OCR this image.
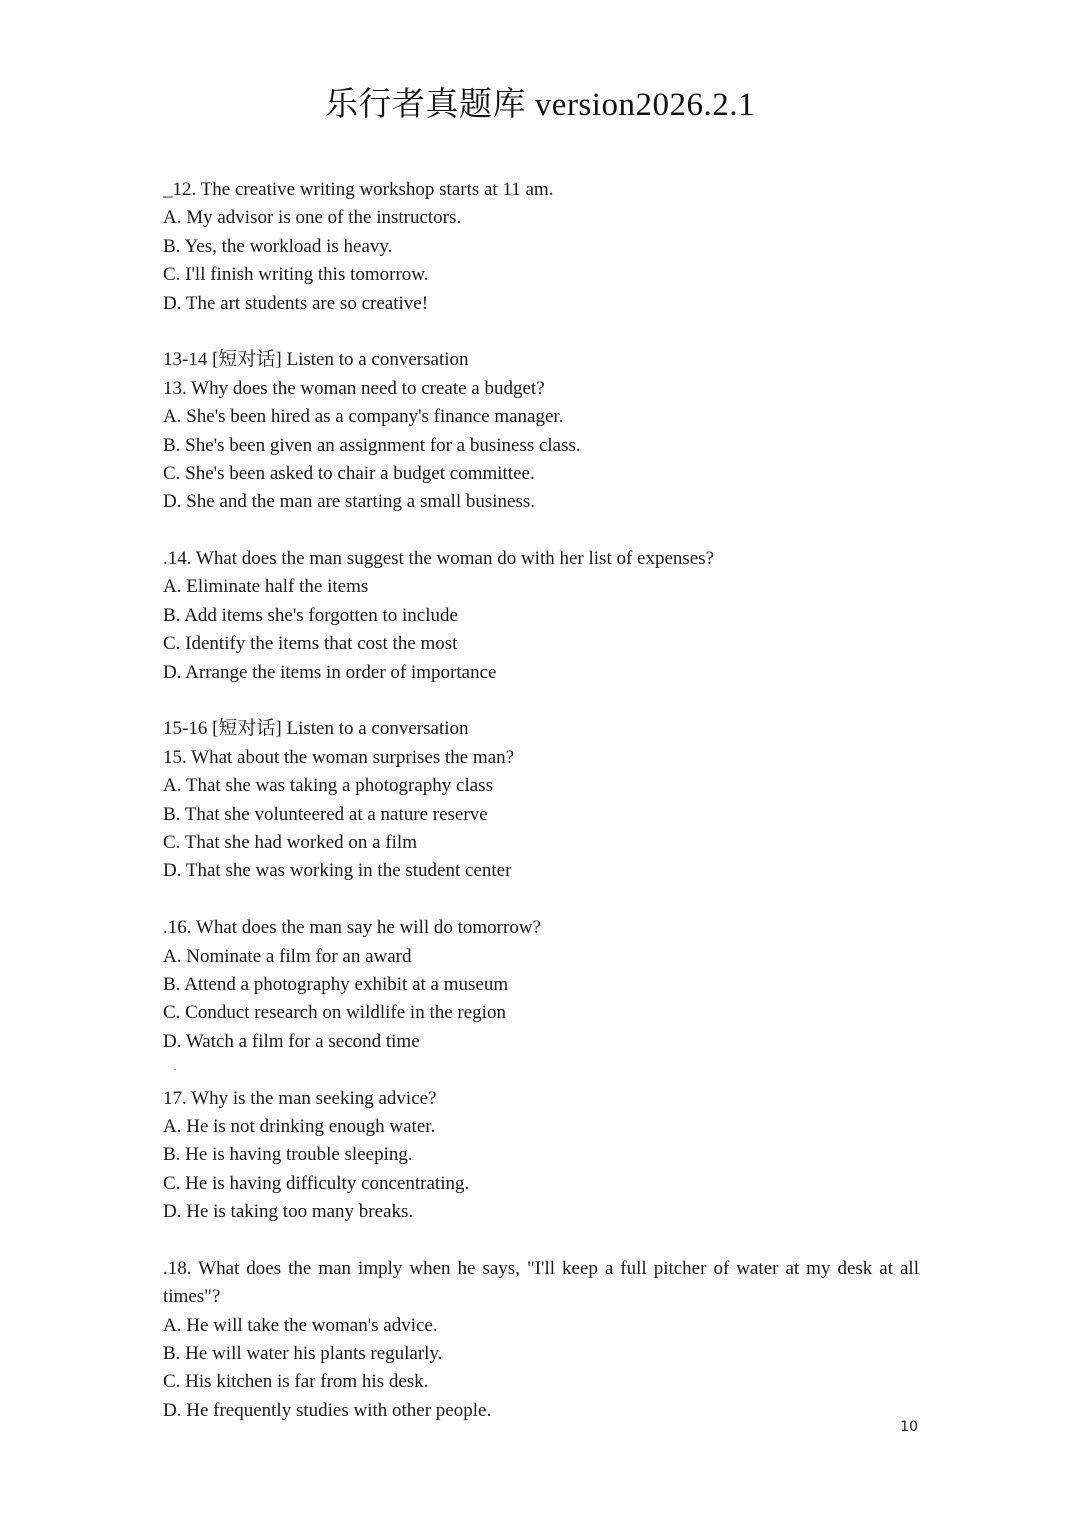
乐行者真题库 version2026.2.1
_12. The creative writing workshop starts at 11 am.
A. My advisor is one of the instructors.
B. Yes, the workload is heavy.
C. I'll finish writing this tomorrow.
D. The art students are so creative!
13-14 [短对话] Listen to a conversation
13. Why does the woman need to create a budget?
A. She's been hired as a company's finance manager.
B. She's been given an assignment for a business class.
C. She's been asked to chair a budget committee.
D. She and the man are starting a small business.
.14. What does the man suggest the woman do with her list of expenses?
A. Eliminate half the items
B. Add items she's forgotten to include
C. Identify the items that cost the most
D. Arrange the items in order of importance
15-16 [短对话] Listen to a conversation
15. What about the woman surprises the man?
A. That she was taking a photography class
B. That she volunteered at a nature reserve
C. That she had worked on a film
D. That she was working in the student center
.16. What does the man say he will do tomorrow?
A. Nominate a film for an award
B. Attend a photography exhibit at a museum
C. Conduct research on wildlife in the region
D. Watch a film for a second time
17. Why is the man seeking advice?
A. He is not drinking enough water.
B. He is having trouble sleeping.
C. He is having difficulty concentrating.
D. He is taking too many breaks.
.18. What does the man imply when he says, "I'll keep a full pitcher of water at my desk at all times"?
A. He will take the woman's advice.
B. He will water his plants regularly.
C. His kitchen is far from his desk.
D. He frequently studies with other people.
·
10
